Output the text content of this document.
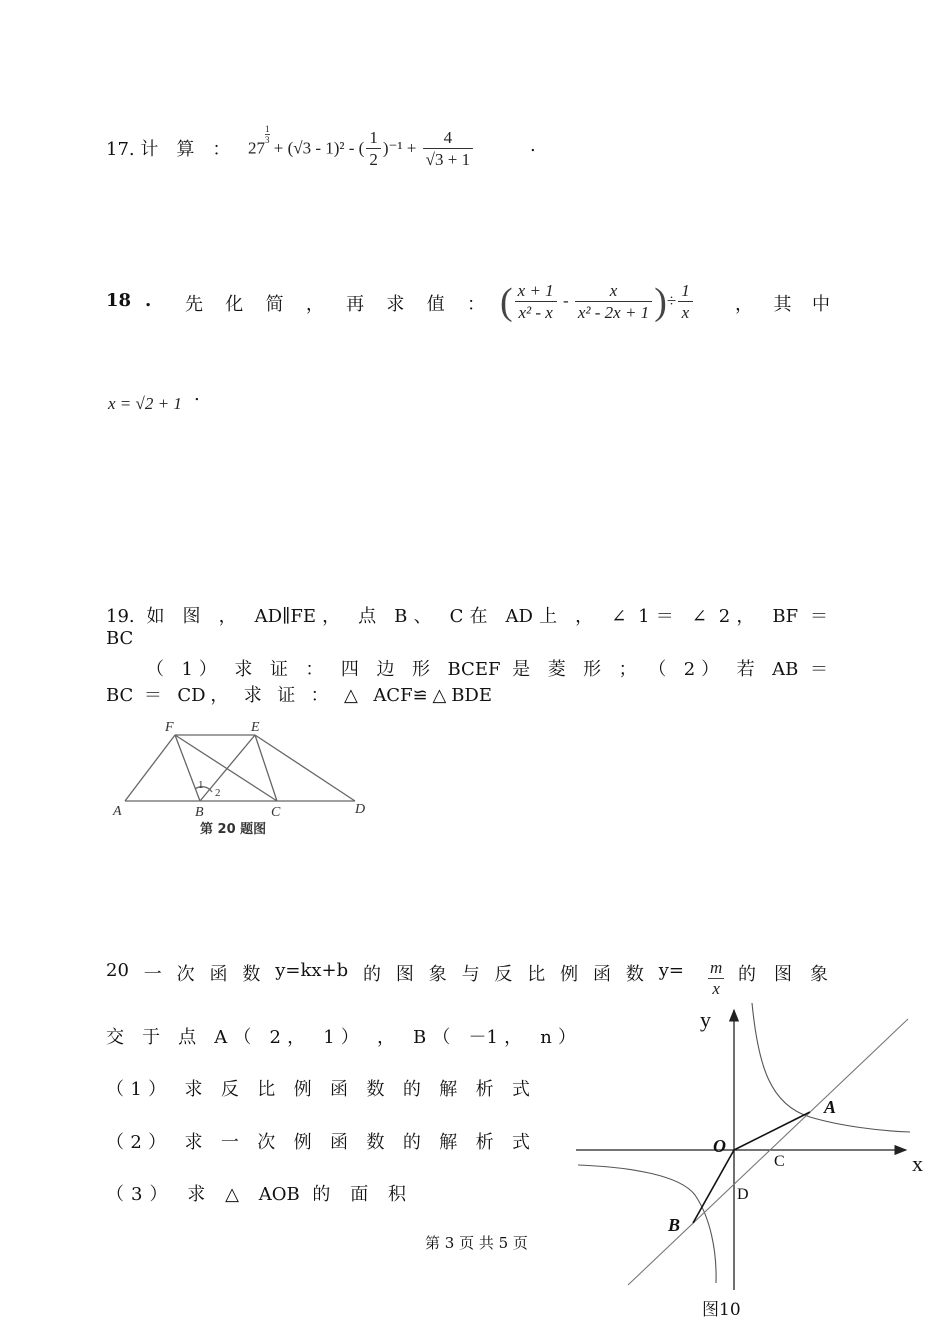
17. 计　算　： 27
$\frac{1}{3}$
+ (√3 - 1)² - ( $\frac{1}{2} )^{-1} + \frac{4}{√3 + 1}$	.
18 . 先 化 简 ， 再 求 值 ： ( $\frac{x + 1}{\text{x² - x}} - \frac{x}{\text{x² - 2x + 1}}$ )÷ $\frac{1}{x}$ ， 其 中
x = √2 + 1 .
19. 如 图 ， AD∥FE， 点 B、 C在 AD上 ， ∠ 1＝ ∠ 2， BF ＝
BC
（ 1） 求 证 ： 四 边 形 BCEF 是 菱 形 ； （ 2） 若 AB ＝
BC ＝ CD， 求 证 ： △ ACF≌△BDE
F	E
A	B	C	D
1
2
第 20 题图
20 一 次 函 数 y=kx+b 的 图 象 与 反 比 例 函 数 y= m
x
的 图 象
交 于 点 A（ 2， 1） ， B（ －1， n）
（1） 求 反 比 例 函 数 的 解 析 式
（2） 求 一 次 例 函 数 的 解 析 式
（3） 求 △ AOB 的 面 积
y
x
O
A
B
C
D
图10
第 3 页 共 5 页
